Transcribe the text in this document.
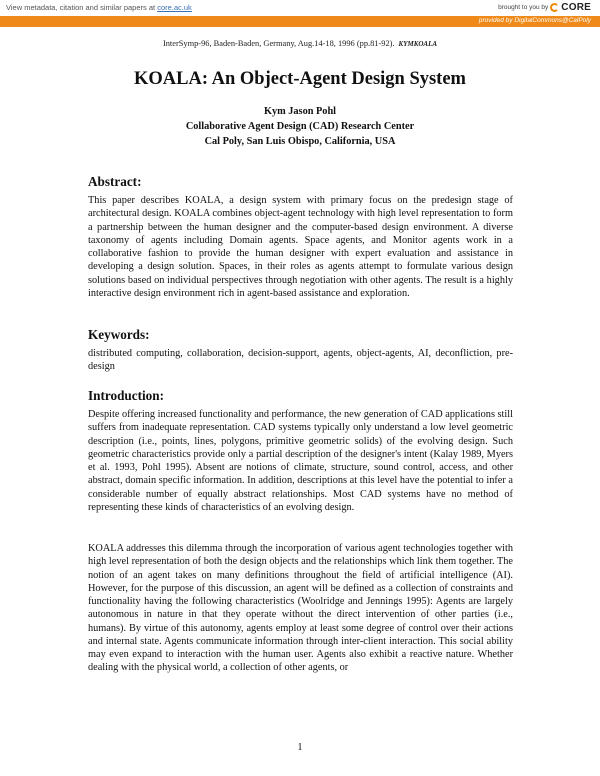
View metadata, citation and similar papers at core.ac.uk	brought to you by CORE
provided by DigitalCommons@CalPoly
InterSymp-96, Baden-Baden, Germany, Aug.14-18, 1996 (pp.81-92). KYMKOALA
KOALA: An Object-Agent Design System
Kym Jason Pohl
Collaborative Agent Design (CAD) Research Center
Cal Poly, San Luis Obispo, California, USA
Abstract:
This paper describes KOALA, a design system with primary focus on the predesign stage of architectural design. KOALA combines object-agent technology with high level representation to form a partnership between the human designer and the computer-based design environment. A diverse taxonomy of agents including Domain agents. Space agents, and Monitor agents work in a collaborative fashion to provide the human designer with expert evaluation and assistance in developing a design solution. Spaces, in their roles as agents attempt to formulate various design solutions based on individual perspectives through negotiation with other agents. The result is a highly interactive design environment rich in agent-based assistance and exploration.
Keywords:
distributed computing, collaboration, decision-support, agents, object-agents, AI, deconfliction, pre-design
Introduction:
Despite offering increased functionality and performance, the new generation of CAD applications still suffers from inadequate representation. CAD systems typically only understand a low level geometric description (i.e., points, lines, polygons, primitive geometric solids) of the evolving design. Such geometric characteristics provide only a partial description of the designer's intent (Kalay 1989, Myers et al. 1993, Pohl 1995). Absent are notions of climate, structure, sound control, access, and other abstract, domain specific information. In addition, descriptions at this level have the potential to infer a considerable number of equally abstract relationships. Most CAD systems have no method of representing these kinds of characteristics of an evolving design.
KOALA addresses this dilemma through the incorporation of various agent technologies together with high level representation of both the design objects and the relationships which link them together. The notion of an agent takes on many definitions throughout the field of artificial intelligence (AI). However, for the purpose of this discussion, an agent will be defined as a collection of constraints and functionality having the following characteristics (Woolridge and Jennings 1995): Agents are largely autonomous in nature in that they operate without the direct intervention of other parties (i.e., humans). By virtue of this autonomy, agents employ at least some degree of control over their actions and internal state. Agents communicate information through inter-client interaction. This social ability may even expand to interaction with the human user. Agents also exhibit a reactive nature. Whether dealing with the physical world, a collection of other agents, or
1
